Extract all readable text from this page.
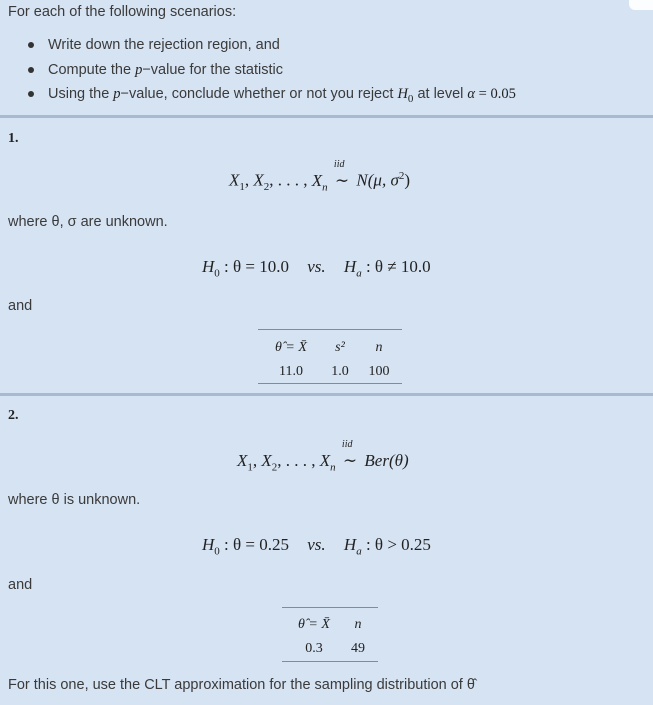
For each of the following scenarios:
Write down the rejection region, and
Compute the p−value for the statistic
Using the p−value, conclude whether or not you reject $H_0$ at level α = 0.05
1.
$X_1$, $X_2$, . . . , $X_n$
iid
∼ N(μ, $\sigma^2$)
where θ, σ are unknown.
$H_0$ : θ = 10.0 vs. $H_a$ : θ ≠ 10.0
and
θ̂ = X̄	s²	n
11.0	1.0	100
2.
$X_1$, $X_2$, . . . , $X_n$
iid
∼ Ber(θ)
where θ is unknown.
$H_0$ : θ = 0.25 vs. $H_a$ : θ > 0.25
and
θ̂ = X̄	n
0.3	49
For this one, use the CLT approximation for the sampling distribution of θ̂
